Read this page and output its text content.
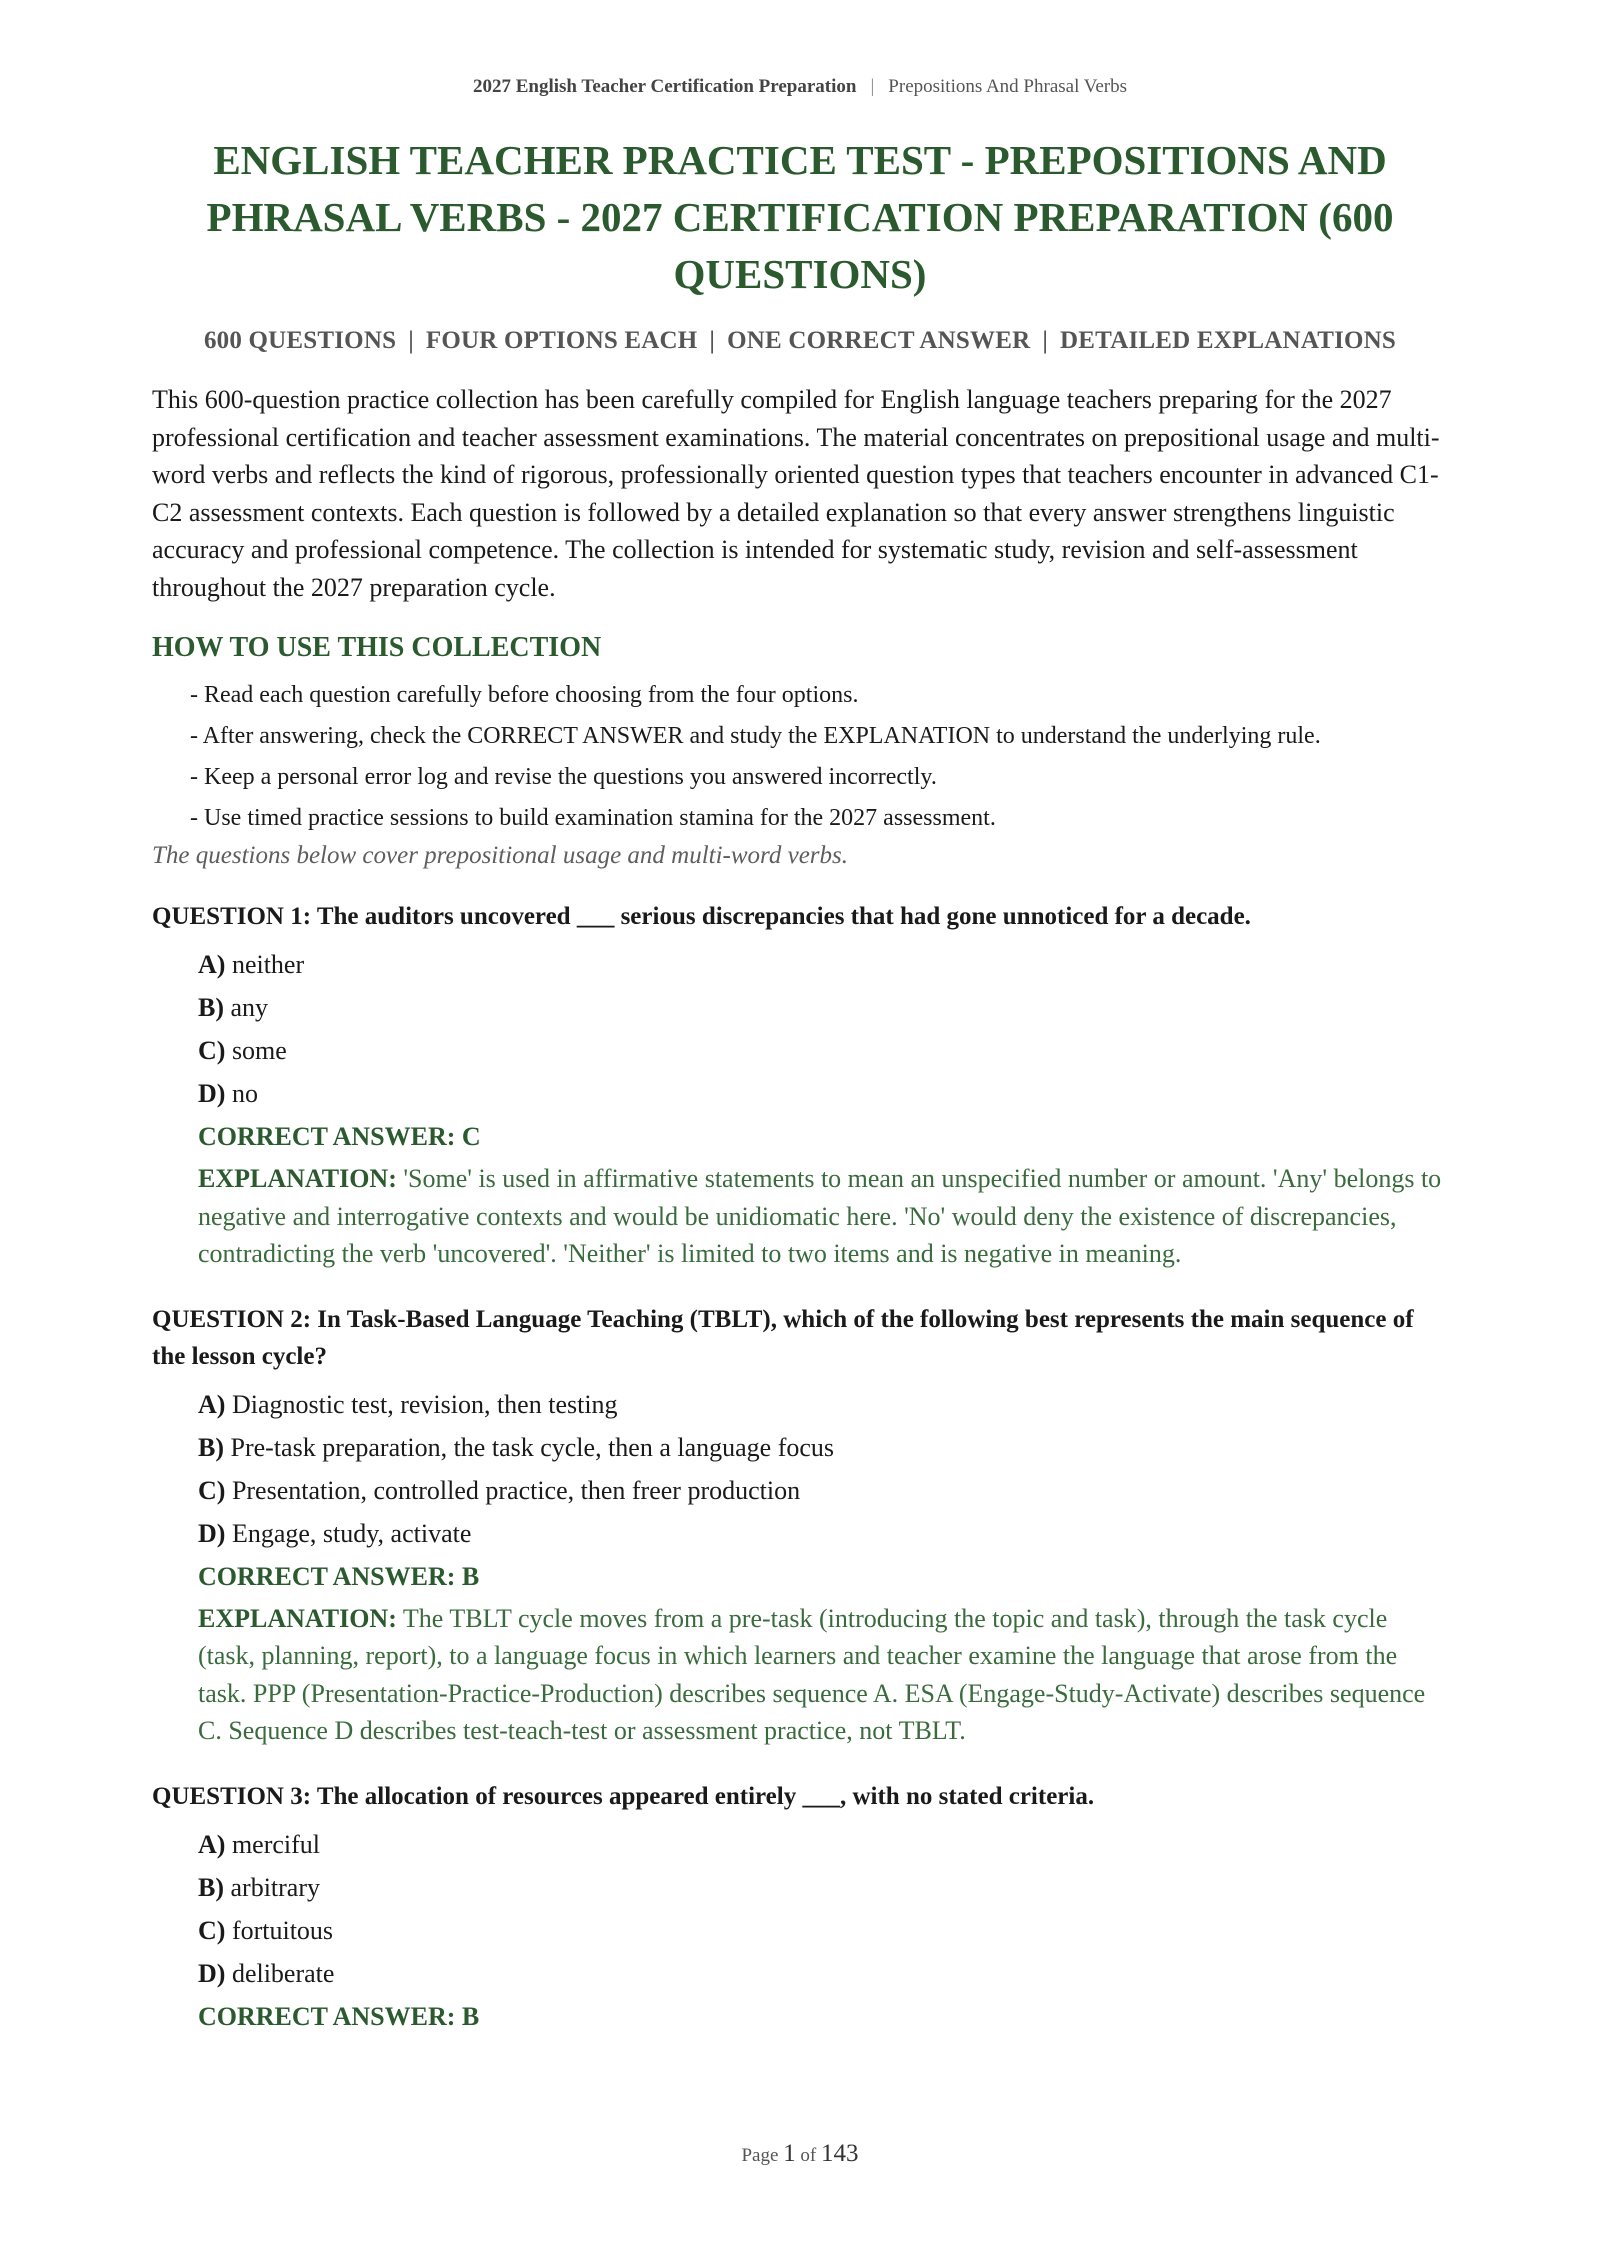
2027 English Teacher Certification Preparation | Prepositions And Phrasal Verbs
ENGLISH TEACHER PRACTICE TEST - PREPOSITIONS AND PHRASAL VERBS - 2027 CERTIFICATION PREPARATION (600 QUESTIONS)
600 QUESTIONS | FOUR OPTIONS EACH | ONE CORRECT ANSWER | DETAILED EXPLANATIONS

This 600-question practice collection has been carefully compiled for English language teachers preparing for the 2027 professional certification and teacher assessment examinations. The material concentrates on prepositional usage and multi-word verbs and reflects the kind of rigorous, professionally oriented question types that teachers encounter in advanced C1-C2 assessment contexts. Each question is followed by a detailed explanation so that every answer strengthens linguistic accuracy and professional competence. The collection is intended for systematic study, revision and self-assessment throughout the 2027 preparation cycle.

HOW TO USE THIS COLLECTION
- Read each question carefully before choosing from the four options.
- After answering, check the CORRECT ANSWER and study the EXPLANATION to understand the underlying rule.
- Keep a personal error log and revise the questions you answered incorrectly.
- Use timed practice sessions to build examination stamina for the 2027 assessment.
The questions below cover prepositional usage and multi-word verbs.
QUESTION 1: The auditors uncovered ___ serious discrepancies that had gone unnoticed for a decade.
A) neither
B) any
C) some
D) no
CORRECT ANSWER: C
EXPLANATION: 'Some' is used in affirmative statements to mean an unspecified number or amount. 'Any' belongs to negative and interrogative contexts and would be unidiomatic here. 'No' would deny the existence of discrepancies, contradicting the verb 'uncovered'. 'Neither' is limited to two items and is negative in meaning.
QUESTION 2: In Task-Based Language Teaching (TBLT), which of the following best represents the main sequence of the lesson cycle?
A) Diagnostic test, revision, then testing
B) Pre-task preparation, the task cycle, then a language focus
C) Presentation, controlled practice, then freer production
D) Engage, study, activate
CORRECT ANSWER: B
EXPLANATION: The TBLT cycle moves from a pre-task (introducing the topic and task), through the task cycle (task, planning, report), to a language focus in which learners and teacher examine the language that arose from the task. PPP (Presentation-Practice-Production) describes sequence A. ESA (Engage-Study-Activate) describes sequence C. Sequence D describes test-teach-test or assessment practice, not TBLT.
QUESTION 3: The allocation of resources appeared entirely ___, with no stated criteria.
A) merciful
B) arbitrary
C) fortuitous
D) deliberate
CORRECT ANSWER: B
Page 1 of 143
